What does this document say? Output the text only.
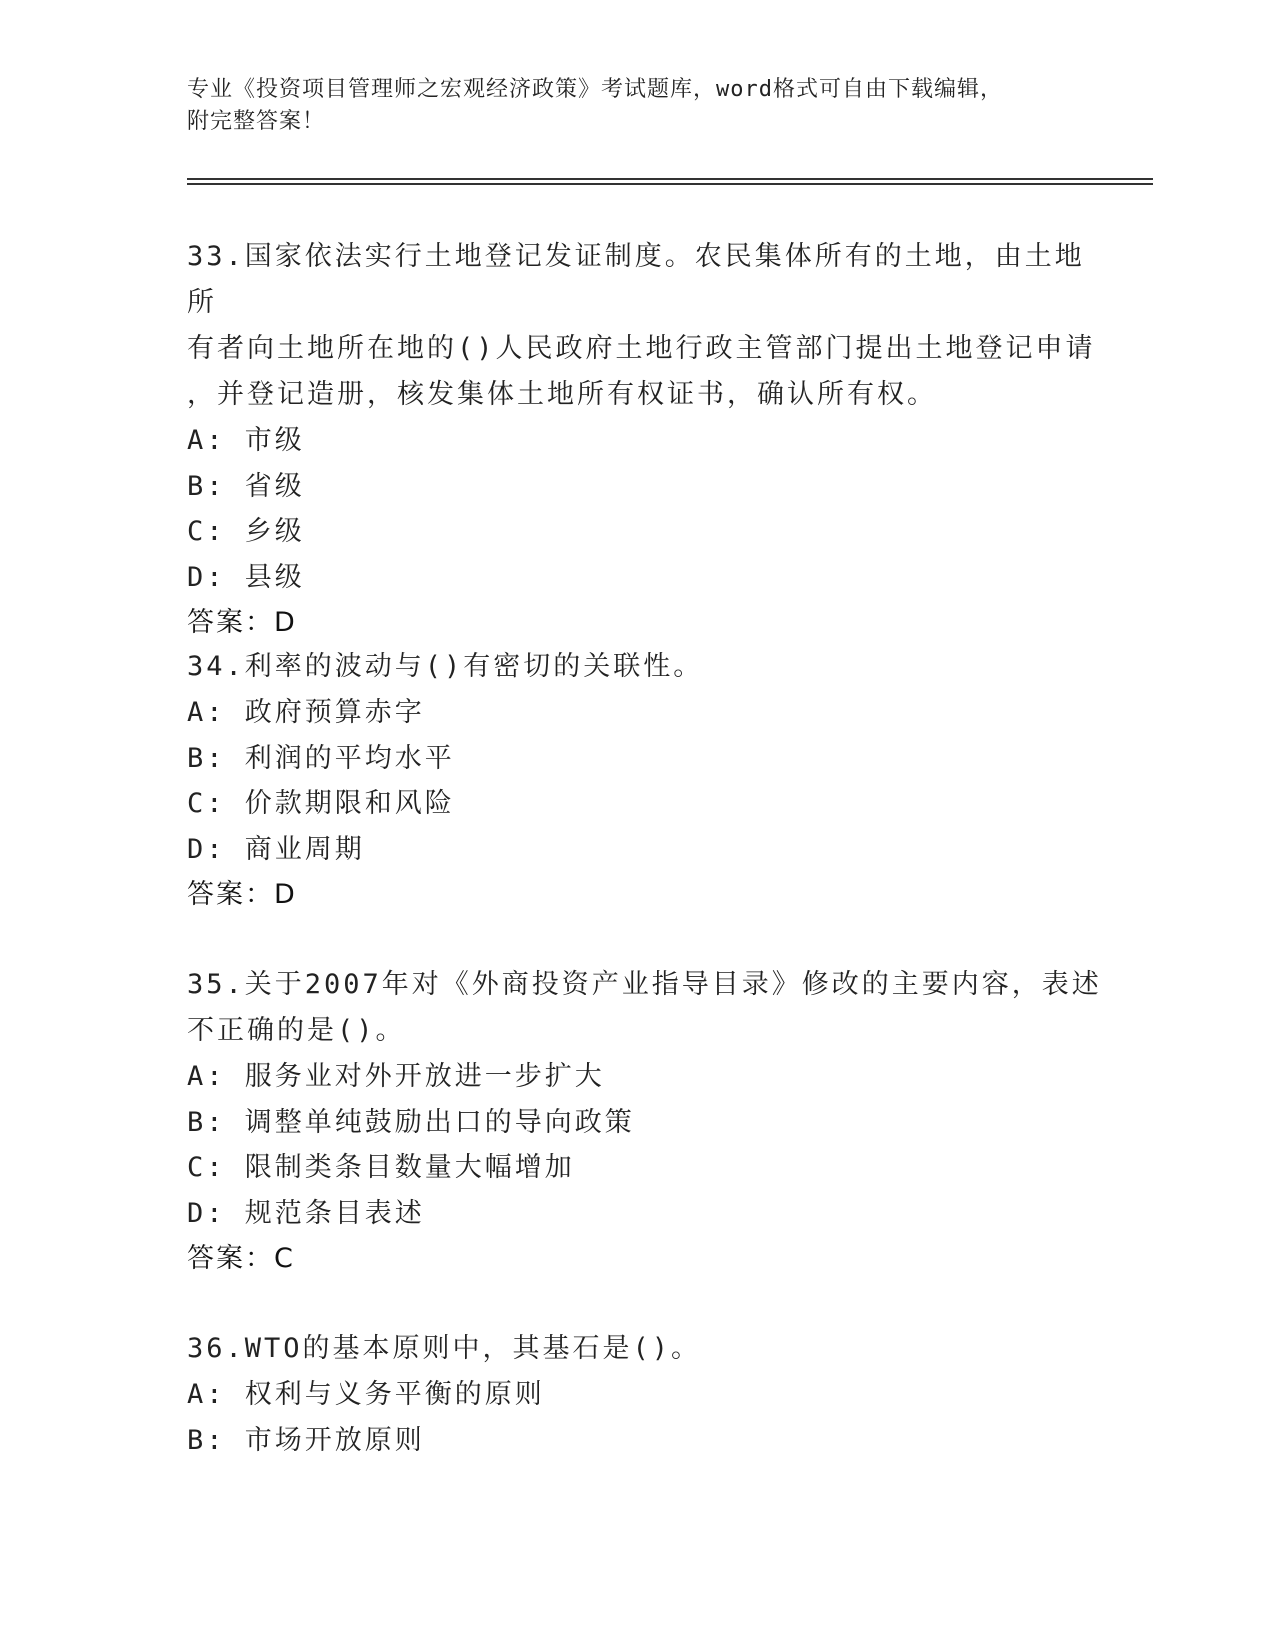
专业《投资项目管理师之宏观经济政策》考试题库，word格式可自由下载编辑，
附完整答案！

33.国家依法实行土地登记发证制度。农民集体所有的土地，由土地所

有者向土地所在地的()人民政府土地行政主管部门提出土地登记申请

，并登记造册，核发集体土地所有权证书，确认所有权。

A: 市级

B: 省级

C: 乡级

D: 县级

答案：D

34.利率的波动与()有密切的关联性。

A: 政府预算赤字

B: 利润的平均水平

C: 价款期限和风险

D: 商业周期

答案：D

35.关于2007年对《外商投资产业指导目录》修改的主要内容，表述

不正确的是()。

A: 服务业对外开放进一步扩大

B: 调整单纯鼓励出口的导向政策

C: 限制类条目数量大幅增加

D: 规范条目表述

答案：C

36.WTO的基本原则中，其基石是()。

A: 权利与义务平衡的原则

B: 市场开放原则
